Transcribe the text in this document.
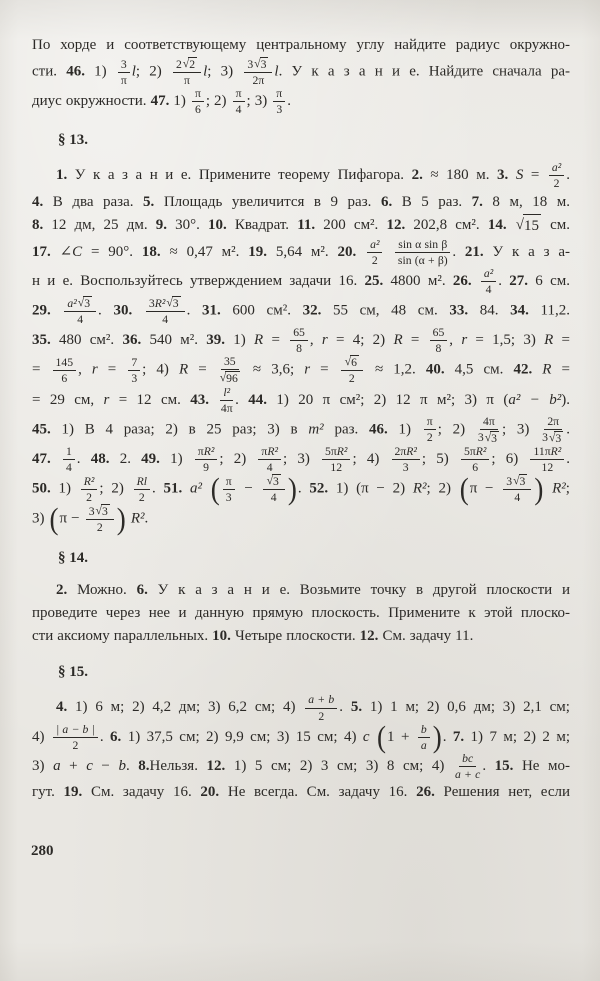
По хорде и соответствующему центральному углу найдите радиус окружно-
сти. 46. $1) \frac{3}{\pi} l$; $2) \frac{2 √ 2}{\pi} l$; $3) \frac{3 √ 3}{2\pi} l$. У к а з а н и е. Найдите сначала ра-
диус окружности. 47. $1) \frac{\pi}{6}$ ; $2) \frac{\pi}{4}$ ; $3) \frac{\pi}{3}$ .
§ 13.
1. У к а з а н и е. Примените теорему Пифагора. 2. ≈ 180 м. 3. $S = \frac{\text{a²}}{2}$ .
4. В два раза. 5. Площадь увеличится в 9 раз. 6. В 5 раз. 7. 8 м, 18 м.
8. 12 дм, 25 дм. 9. 30°. 10. Квадрат. 11. 200 см². 12. 202,8 см². 14. √ 15 см.
17. ∠C = 90°. 18. ≈ 0,47 м². 19. 5,64 м². 20. $\frac{\text{a²}}{2}$
$\frac{\text{sin α sin β}}{\sin (\alpha + \beta)}$ . 21. У к а з а-
н и е. Воспользуйтесь утверждением задачи 16. 25. 4800 м². 26. $\frac{\text{a²}}{4}$ . 27. 6 см.
29. $\frac{\text{a² √ 3}}{4}$ . 30. $\frac{\text{3 R² √ 3}}{4}$ . 31. 600 см². 32. 55 см, 48 см. 33. 84. 34. 11,2.
35. 480 см². 36. 540 м². 39. 1) $R = \frac{65}{8}$ , r = 4; 2) $R = \frac{65}{8}$ , r = 1,5; 3) R =
= $\frac{145}{6}$ , $r = \frac{7}{3}$ ; 4) $R = \frac{35}{√ 96} \approx 3,6$; $r = \frac{√ 6}{2} \approx 1,2$. 40. 4,5 см. 42. R =
= 29 см, r = 12 см. 43. $\frac{\text{l²}}{4\pi}$ . 44. 1) 20 π см²; 2) 12 π м²; 3) π (a² − b²).
45. 1) В 4 раза; 2) в 25 раз; 3) в m² раз. 46. $1) \frac{\pi}{2}$ ; $2) \frac{4\pi}{3 √ 3}$ ; $3) \frac{2\pi}{3 √ 3}$ .
47. $\frac{1}{4}$ . 48. 2. 49. $1) \frac{\text{π R²}}{9}$ ; $2) \frac{\text{π R²}}{4}$ ; $3) \frac{\text{5π R²}}{12}$ ; $4) \frac{\text{2π R²}}{3}$ ; $5) \frac{\text{5π R²}}{6}$ ; $6) \frac{\text{11π R²}}{12}$ .
50. $1) \frac{\text{R²}}{2}$ ; $2) \frac{Rl}{2}$ . 51. a² ( $\frac{\pi}{3} - \frac{√ 3}{4}$ ). 52. 1) (π − 2) R²; 2) ($\pi - \frac{3 √ 3}{4}$ ) R²;
3) ($\pi - \frac{3 √ 3}{2}$ ) R².
§ 14.
2. Можно. 6. У к а з а н и е. Возьмите точку в другой плоскости и
проведите через нее и данную прямую плоскость. Примените к этой плоско-
сти аксиому параллельных. 10. Четыре плоскости. 12. См. задачу 11.
§ 15.
4. 1) 6 м; 2) 4,2 дм; 3) 6,2 см; $4) \frac{a + b}{2}$ . 5. 1) 1 м; 2) 0,6 дм; 3) 2,1 см;
$4) \frac{| a - b |}{2}$ . 6. 1) 37,5 см; 2) 9,9 см; 3) 15 см; 4) c ($1 + \frac{b}{a}$ ). 7. 1) 7 м; 2) 2 м;
3) a + c − b. 8.Нельзя. 12. 1) 5 см; 2) 3 см; 3) 8 см; $4) \frac{bc}{a + c}$ . 15. Не мо-
гут. 19. См. задачу 16. 20. Не всегда. См. задачу 16. 26. Решения нет, если
280
